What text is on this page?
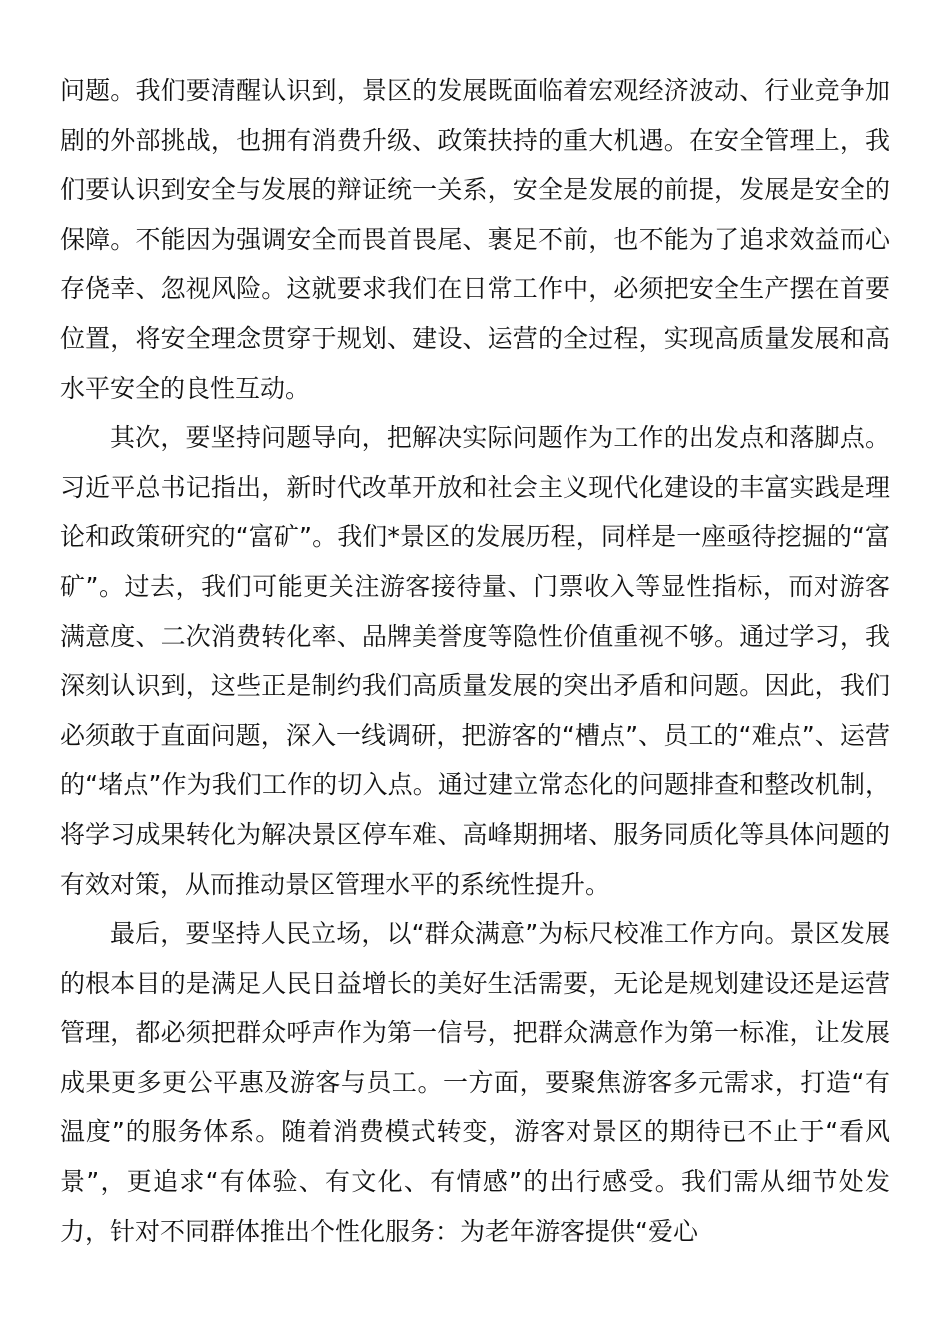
问题。我们要清醒认识到，景区的发展既面临着宏观经济波动、行业竞争加剧的外部挑战，也拥有消费升级、政策扶持的重大机遇。在安全管理上，我们要认识到安全与发展的辩证统一关系，安全是发展的前提，发展是安全的保障。不能因为强调安全而畏首畏尾、裹足不前，也不能为了追求效益而心存侥幸、忽视风险。这就要求我们在日常工作中，必须把安全生产摆在首要位置，将安全理念贯穿于规划、建设、运营的全过程，实现高质量发展和高水平安全的良性互动。

其次，要坚持问题导向，把解决实际问题作为工作的出发点和落脚点。习近平总书记指出，新时代改革开放和社会主义现代化建设的丰富实践是理论和政策研究的“富矿”。我们*景区的发展历程，同样是一座亟待挖掘的“富矿”。过去，我们可能更关注游客接待量、门票收入等显性指标，而对游客满意度、二次消费转化率、品牌美誉度等隐性价值重视不够。通过学习，我深刻认识到，这些正是制约我们高质量发展的突出矛盾和问题。因此，我们必须敢于直面问题，深入一线调研，把游客的“槽点”、员工的“难点”、运营的“堵点”作为我们工作的切入点。通过建立常态化的问题排查和整改机制，将学习成果转化为解决景区停车难、高峰期拥堵、服务同质化等具体问题的有效对策，从而推动景区管理水平的系统性提升。

最后，要坚持人民立场，以“群众满意”为标尺校准工作方向。景区发展的根本目的是满足人民日益增长的美好生活需要，无论是规划建设还是运营管理，都必须把群众呼声作为第一信号，把群众满意作为第一标准，让发展成果更多更公平惠及游客与员工。一方面，要聚焦游客多元需求，打造“有温度”的服务体系。随着消费模式转变，游客对景区的期待已不止于“看风景”，更追求“有体验、有文化、有情感”的出行感受。我们需从细节处发力，针对不同群体推出个性化服务：为老年游客提供“爱心
